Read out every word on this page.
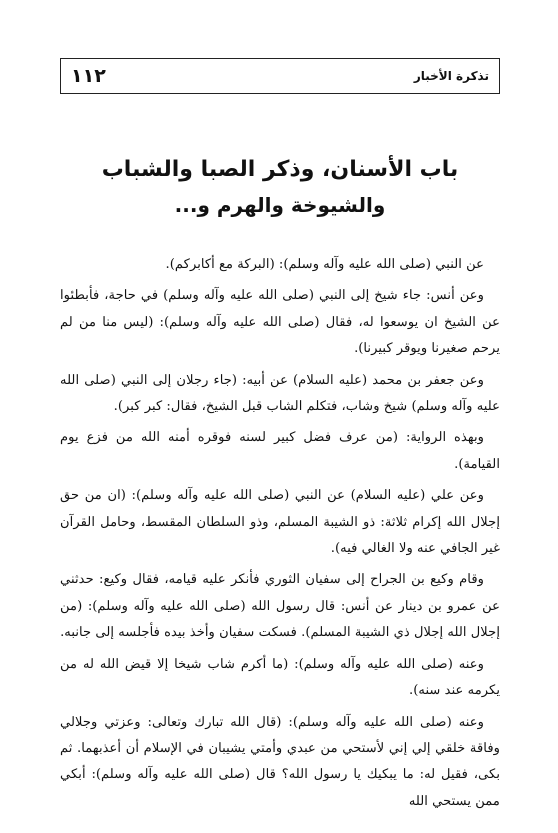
تذكرة الأخبار
١١٢
باب الأسنان، وذكر الصبا والشباب
والشيوخة والهرم و...

عن النبي (صلى الله عليه وآله وسلم): (البركة مع أكابركم).

وعن أنس: جاء شيخ إلى النبي (صلى الله عليه وآله وسلم) في حاجة، فأبطئوا عن الشيخ ان يوسعوا له، فقال (صلى الله عليه وآله وسلم): (ليس منا من لم يرحم صغيرنا ويوقر كبيرنا).

وعن جعفر بن محمد (عليه السلام) عن أبيه: (جاء رجلان إلى النبي (صلى الله عليه وآله وسلم) شيخ وشاب، فتكلم الشاب قبل الشيخ، فقال: كبر كبر).

وبهذه الرواية: (من عرف فضل كبير لسنه فوقره أمنه الله من فزع يوم القيامة).

وعن علي (عليه السلام) عن النبي (صلى الله عليه وآله وسلم): (ان من حق إجلال الله إكرام ثلاثة: ذو الشيبة المسلم، وذو السلطان المقسط، وحامل القرآن غير الجافي عنه ولا الغالي فيه).

وقام وكيع بن الجراح إلى سفيان الثوري فأنكر عليه قيامه، فقال وكيع: حدثني عن عمرو بن دينار عن أنس: قال رسول الله (صلى الله عليه وآله وسلم): (من إجلال الله إجلال ذي الشيبة المسلم). فسكت سفيان وأخذ بيده فأجلسه إلى جانبه.

وعنه (صلى الله عليه وآله وسلم): (ما أكرم شاب شيخا إلا قيض الله له من يكرمه عند سنه).

وعنه (صلى الله عليه وآله وسلم): (قال الله تبارك وتعالى: وعزتي وجلالي وفاقة خلقي إلي إني لأستحي من عبدي وأمتي يشيبان في الإسلام أن أعذبهما. ثم بكى، فقيل له: ما يبكيك يا رسول الله؟ قال (صلى الله عليه وآله وسلم): أبكي ممن يستحي الله
